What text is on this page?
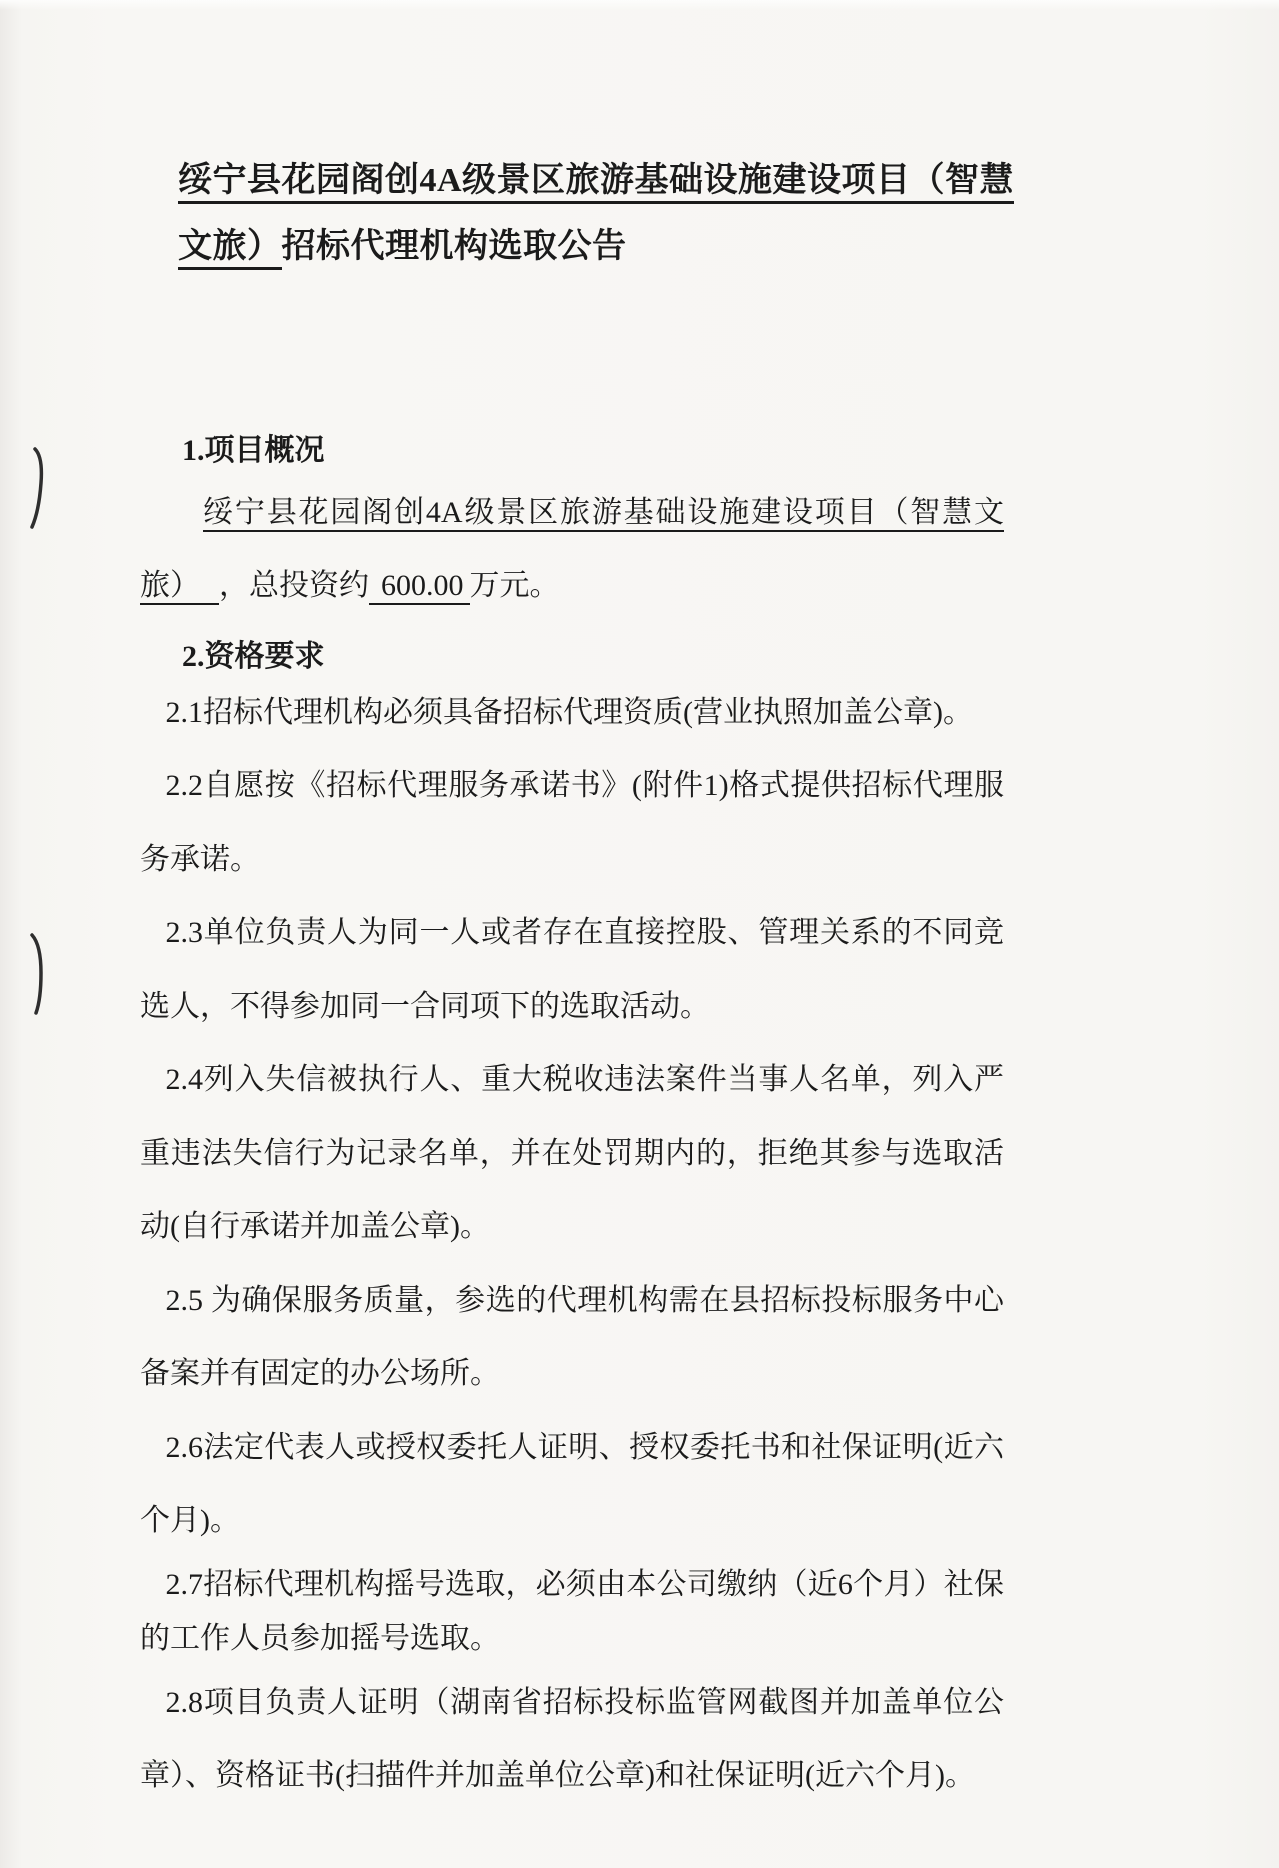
绥宁县花园阁创4A级景区旅游基础设施建设项目（智慧
文旅）招标代理机构选取公告

1.项目概况

绥宁县花园阁创4A级景区旅游基础设施建设项目（智慧文旅） ，总投资约 600.00 万元。

2.资格要求

2.1招标代理机构必须具备招标代理资质(营业执照加盖公章)。

2.2自愿按《招标代理服务承诺书》(附件1)格式提供招标代理服务承诺。

2.3单位负责人为同一人或者存在直接控股、管理关系的不同竞选人，不得参加同一合同项下的选取活动。

2.4列入失信被执行人、重大税收违法案件当事人名单，列入严重违法失信行为记录名单，并在处罚期内的，拒绝其参与选取活动(自行承诺并加盖公章)。

2.5 为确保服务质量，参选的代理机构需在县招标投标服务中心备案并有固定的办公场所。

2.6法定代表人或授权委托人证明、授权委托书和社保证明(近六个月)。

2.7招标代理机构摇号选取，必须由本公司缴纳（近6个月）社保的工作人员参加摇号选取。

2.8项目负责人证明（湖南省招标投标监管网截图并加盖单位公章）、资格证书(扫描件并加盖单位公章)和社保证明(近六个月)。
